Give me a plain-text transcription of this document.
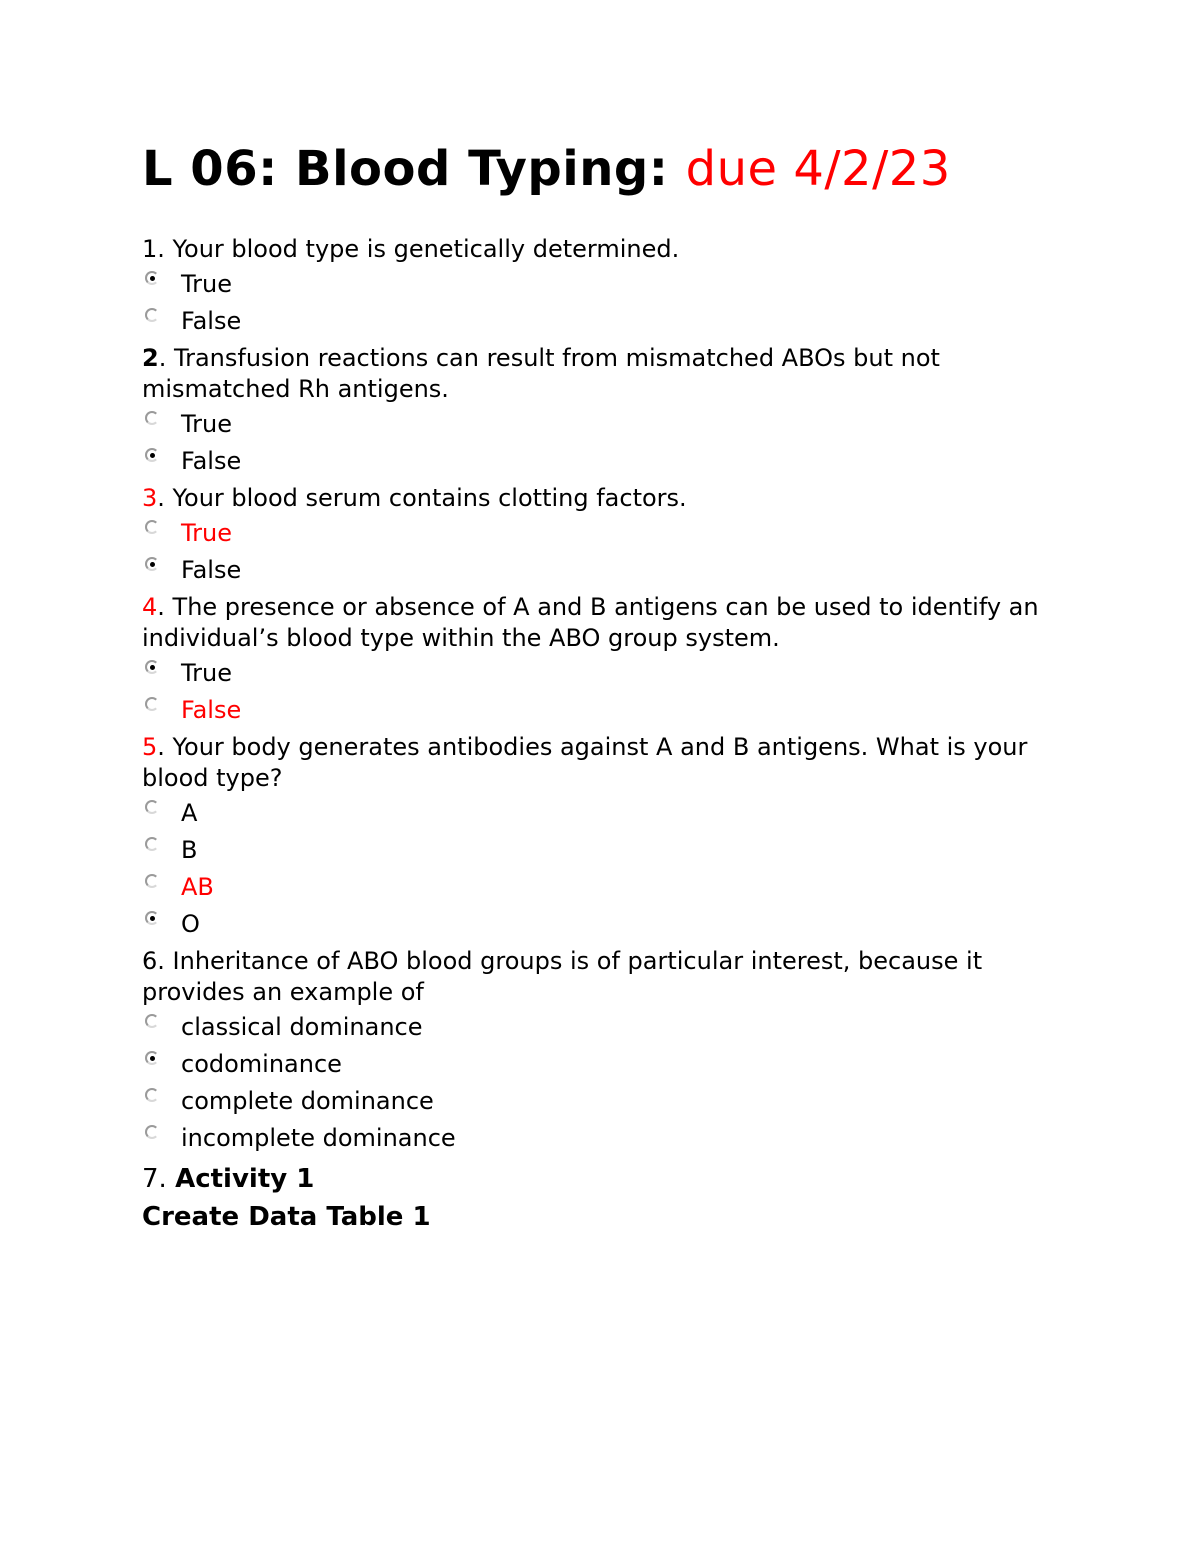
L 06: Blood Typing: due 4/2/23

1. Your blood type is genetically determined.

True
False

2. Transfusion reactions can result from mismatched ABOs but not mismatched Rh antigens.

True
False

3. Your blood serum contains clotting factors.

True
False

4. The presence or absence of A and B antigens can be used to identify an individual’s blood type within the ABO group system.

True
False

5. Your body generates antibodies against A and B antigens. What is your blood type?

A
B
AB
O

6. Inheritance of ABO blood groups is of particular interest, because it provides an example of

classical dominance
codominance
complete dominance
incomplete dominance

7. Activity 1

Create Data Table 1
